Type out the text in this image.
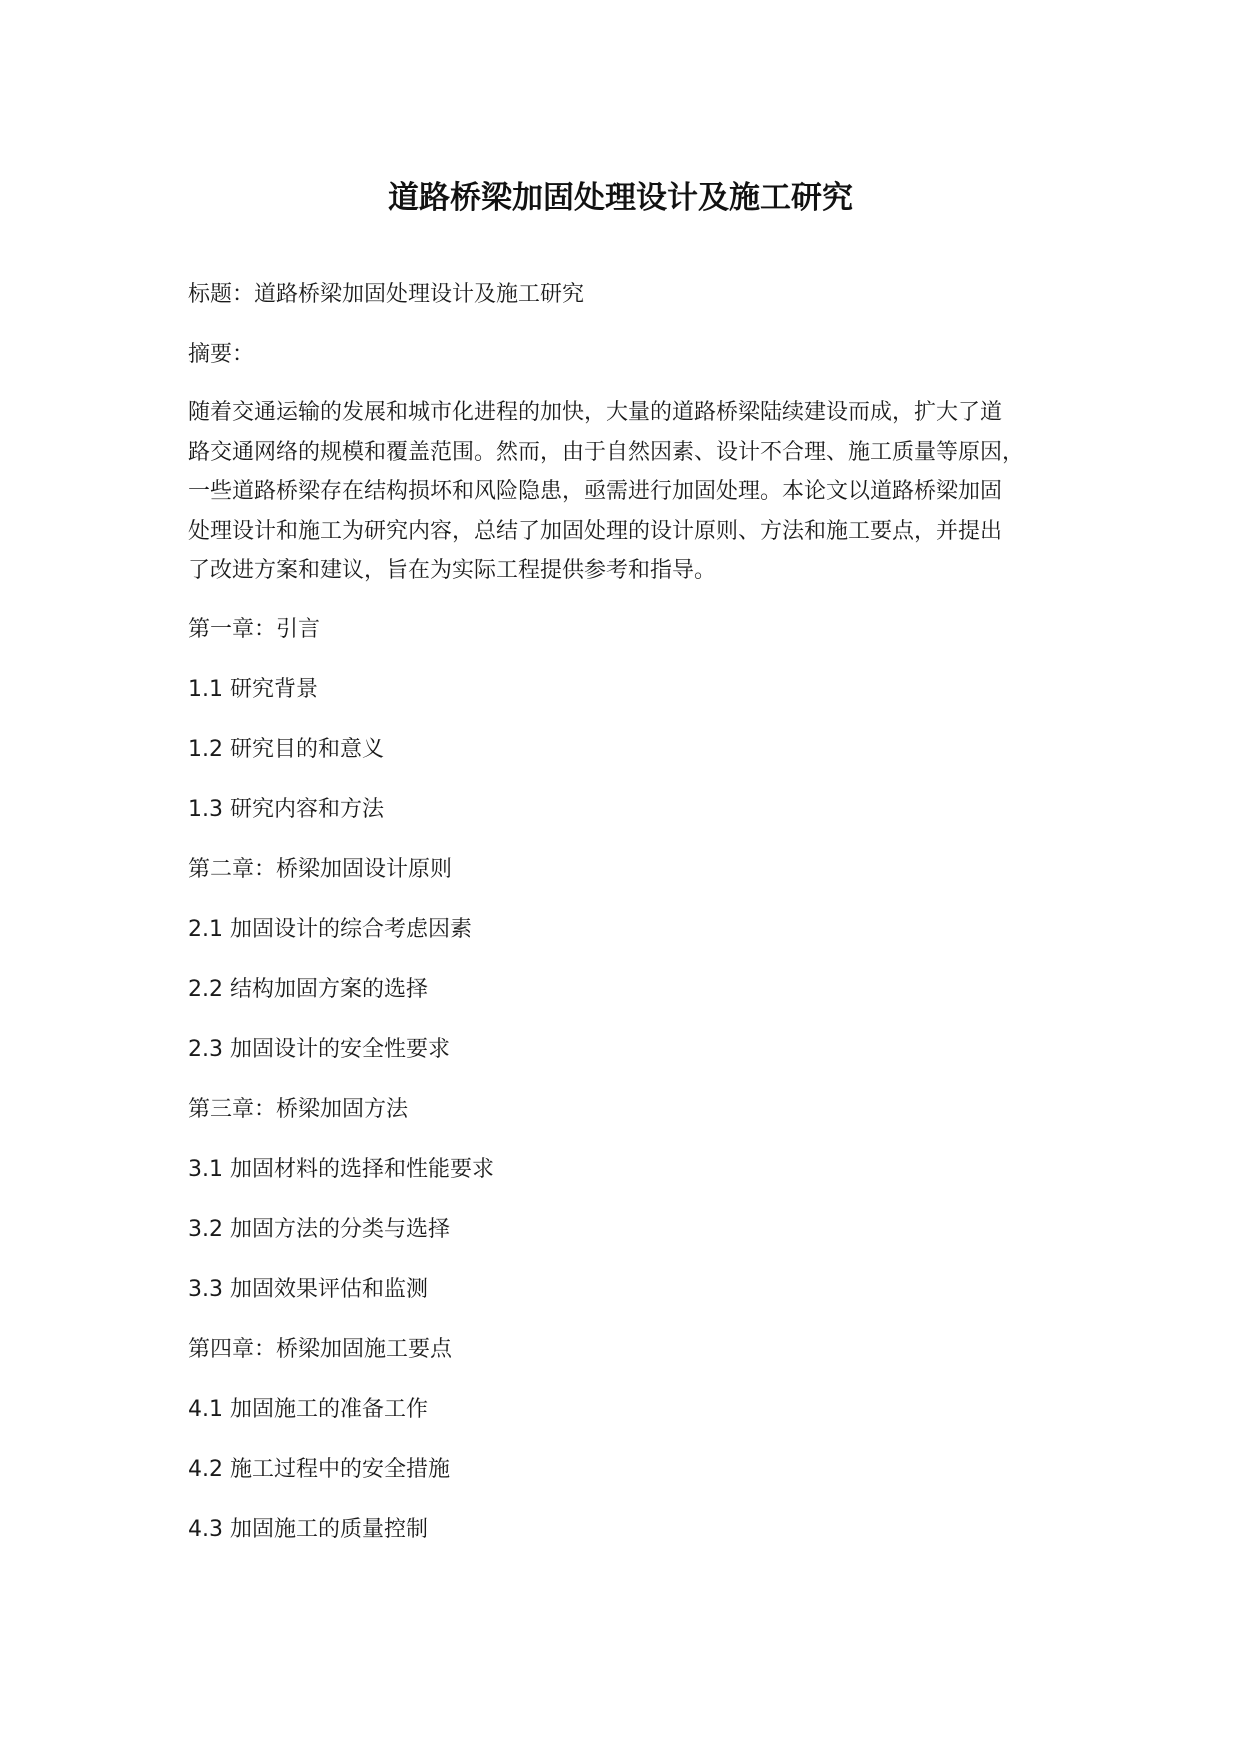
道路桥梁加固处理设计及施工研究

标题：道路桥梁加固处理设计及施工研究

摘要：

随着交通运输的发展和城市化进程的加快，大量的道路桥梁陆续建设而成，扩大了道
路交通网络的规模和覆盖范围。然而，由于自然因素、设计不合理、施工质量等原因，
一些道路桥梁存在结构损坏和风险隐患，亟需进行加固处理。本论文以道路桥梁加固
处理设计和施工为研究内容，总结了加固处理的设计原则、方法和施工要点，并提出
了改进方案和建议，旨在为实际工程提供参考和指导。

第一章：引言

1.1 研究背景

1.2 研究目的和意义

1.3 研究内容和方法

第二章：桥梁加固设计原则

2.1 加固设计的综合考虑因素

2.2 结构加固方案的选择

2.3 加固设计的安全性要求

第三章：桥梁加固方法

3.1 加固材料的选择和性能要求

3.2 加固方法的分类与选择

3.3 加固效果评估和监测

第四章：桥梁加固施工要点

4.1 加固施工的准备工作

4.2 施工过程中的安全措施

4.3 加固施工的质量控制
